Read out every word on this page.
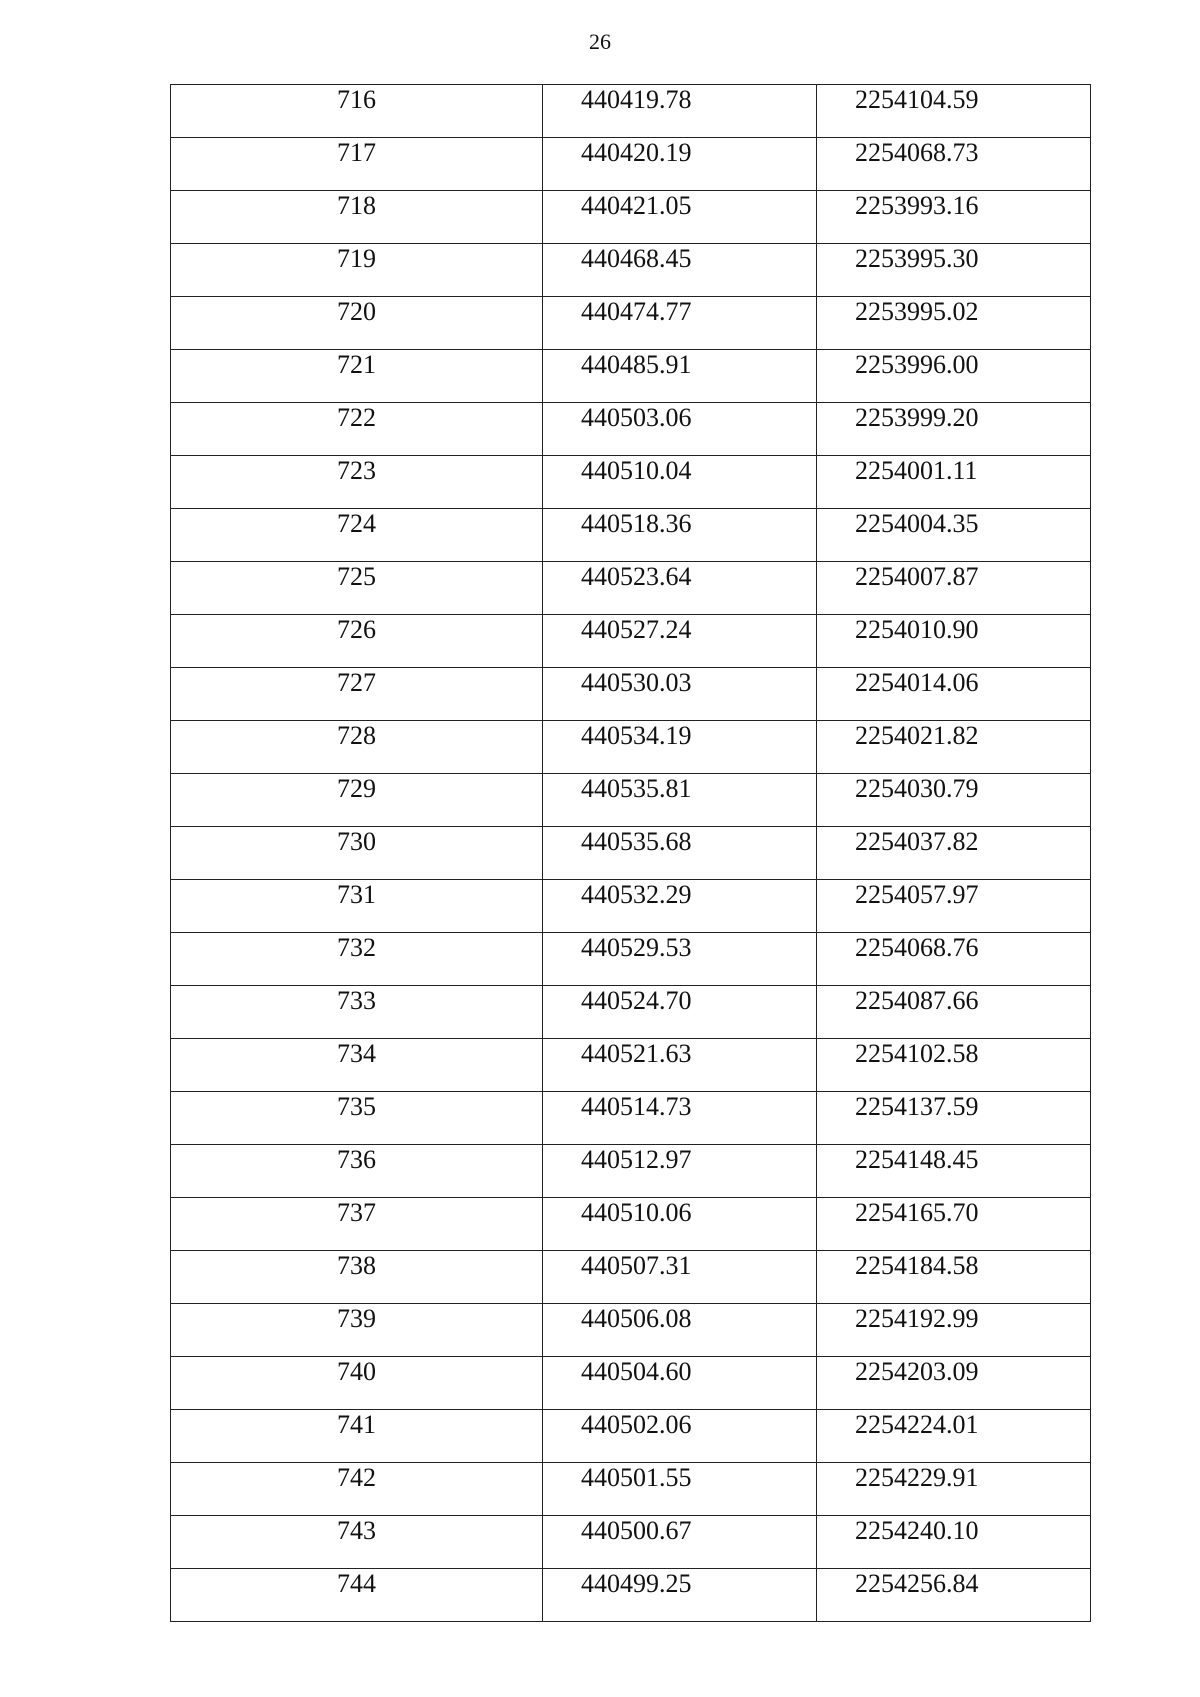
26
716	440419.78	2254104.59

717	440420.19	2254068.73

718	440421.05	2253993.16

719	440468.45	2253995.30

720	440474.77	2253995.02

721	440485.91	2253996.00

722	440503.06	2253999.20

723	440510.04	2254001.11

724	440518.36	2254004.35

725	440523.64	2254007.87

726	440527.24	2254010.90

727	440530.03	2254014.06

728	440534.19	2254021.82

729	440535.81	2254030.79

730	440535.68	2254037.82

731	440532.29	2254057.97

732	440529.53	2254068.76

733	440524.70	2254087.66

734	440521.63	2254102.58

735	440514.73	2254137.59

736	440512.97	2254148.45

737	440510.06	2254165.70

738	440507.31	2254184.58

739	440506.08	2254192.99

740	440504.60	2254203.09

741	440502.06	2254224.01

742	440501.55	2254229.91

743	440500.67	2254240.10

744	440499.25	2254256.84
